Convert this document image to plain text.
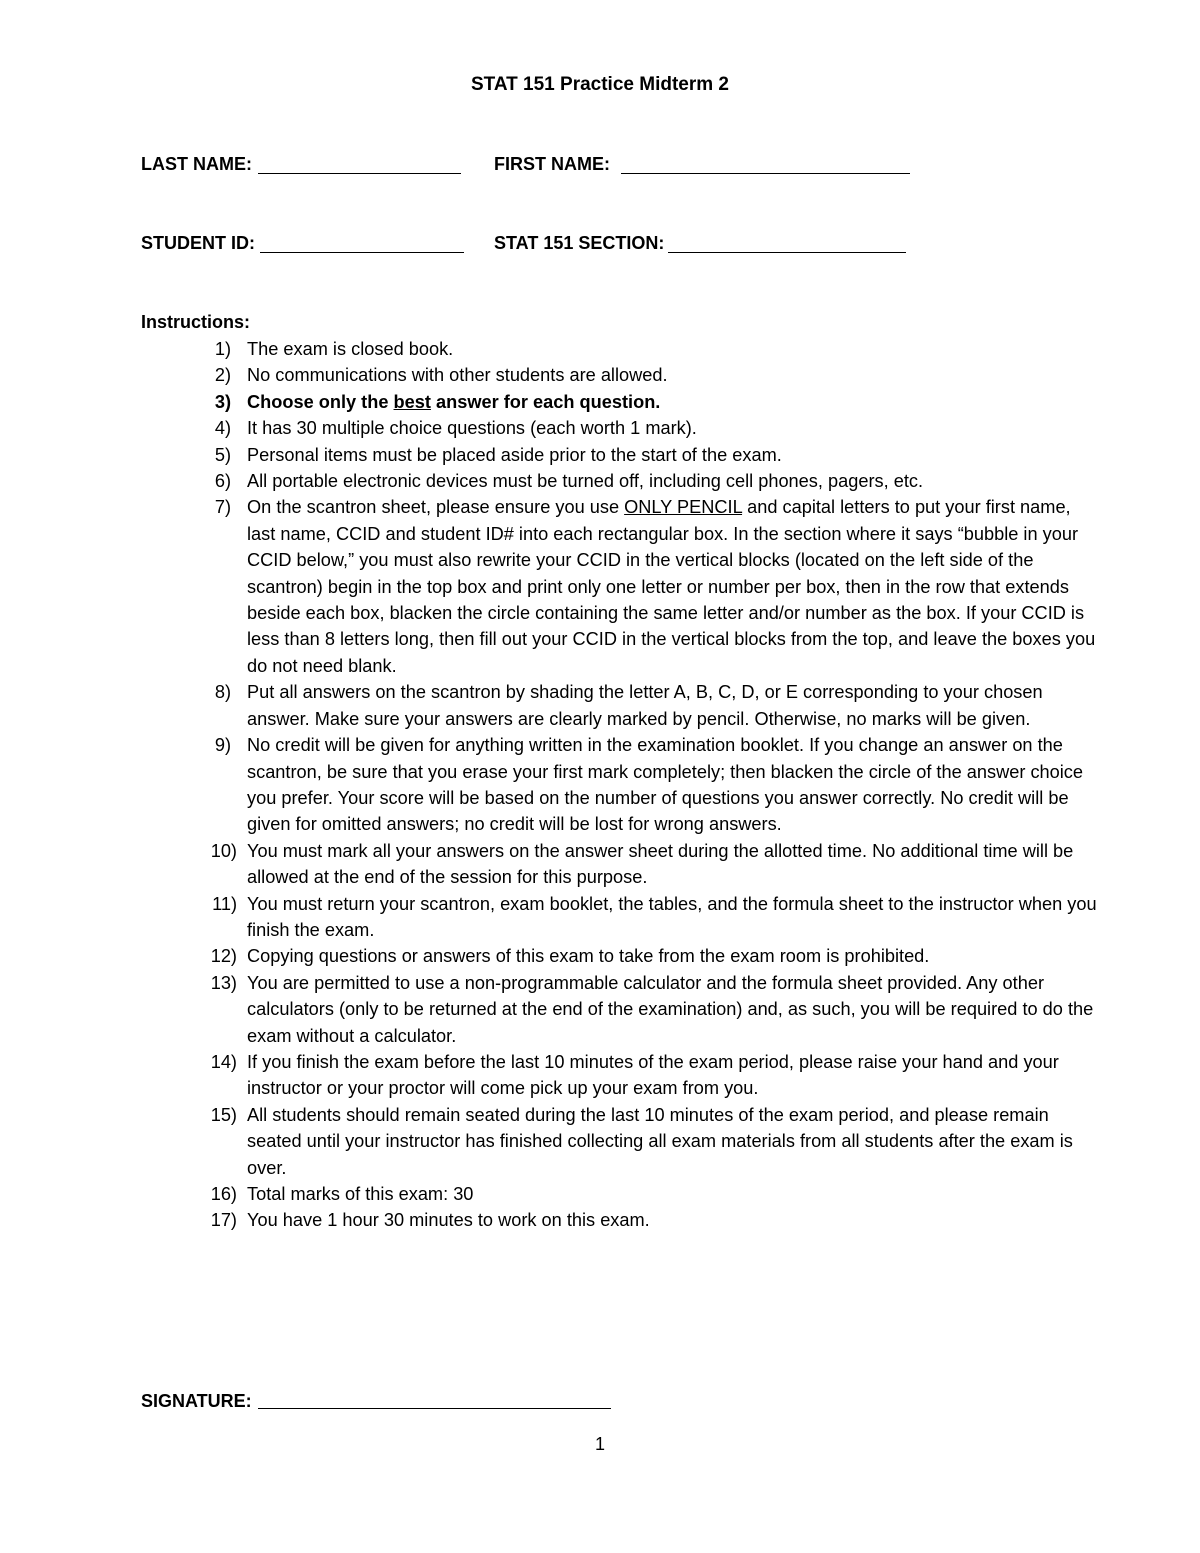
STAT 151 Practice Midterm 2
LAST NAME:	FIRST NAME:
STUDENT ID:	STAT 151 SECTION:
Instructions:
1) The exam is closed book.
2) No communications with other students are allowed.
3) Choose only the best answer for each question.
4) It has 30 multiple choice questions (each worth 1 mark).
5) Personal items must be placed aside prior to the start of the exam.
6) All portable electronic devices must be turned off, including cell phones, pagers, etc.
7) On the scantron sheet, please ensure you use ONLY PENCIL and capital letters to put your first name, last name, CCID and student ID# into each rectangular box. In the section where it says “bubble in your CCID below,” you must also rewrite your CCID in the vertical blocks (located on the left side of the scantron) begin in the top box and print only one letter or number per box, then in the row that extends beside each box, blacken the circle containing the same letter and/or number as the box. If your CCID is less than 8 letters long, then fill out your CCID in the vertical blocks from the top, and leave the boxes you do not need blank.
8) Put all answers on the scantron by shading the letter A, B, C, D, or E corresponding to your chosen answer. Make sure your answers are clearly marked by pencil. Otherwise, no marks will be given.
9) No credit will be given for anything written in the examination booklet. If you change an answer on the scantron, be sure that you erase your first mark completely; then blacken the circle of the answer choice you prefer. Your score will be based on the number of questions you answer correctly. No credit will be given for omitted answers; no credit will be lost for wrong answers.
10) You must mark all your answers on the answer sheet during the allotted time. No additional time will be allowed at the end of the session for this purpose.
11) You must return your scantron, exam booklet, the tables, and the formula sheet to the instructor when you finish the exam.
12) Copying questions or answers of this exam to take from the exam room is prohibited.
13) You are permitted to use a non-programmable calculator and the formula sheet provided. Any other calculators (only to be returned at the end of the examination) and, as such, you will be required to do the exam without a calculator.
14) If you finish the exam before the last 10 minutes of the exam period, please raise your hand and your instructor or your proctor will come pick up your exam from you.
15) All students should remain seated during the last 10 minutes of the exam period, and please remain seated until your instructor has finished collecting all exam materials from all students after the exam is over.
16) Total marks of this exam: 30
17) You have 1 hour 30 minutes to work on this exam.
SIGNATURE:
1
